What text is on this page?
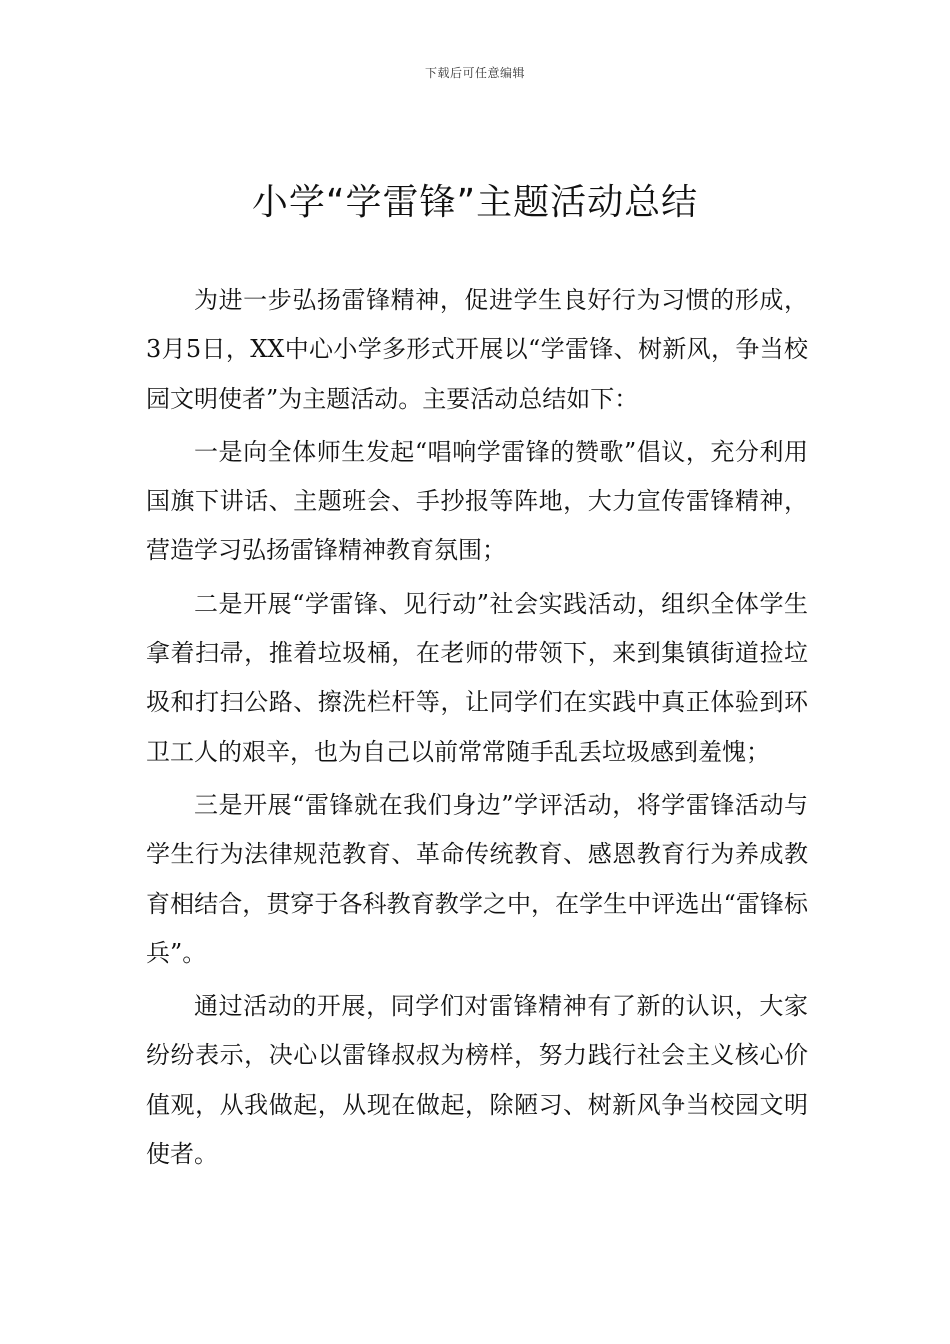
下载后可任意编辑
小学“学雷锋”主题活动总结

为进一步弘扬雷锋精神，促进学生良好行为习惯的形成，3月5日，XX中心小学多形式开展以“学雷锋、树新风，争当校园文明使者”为主题活动。主要活动总结如下：

一是向全体师生发起“唱响学雷锋的赞歌”倡议，充分利用国旗下讲话、主题班会、手抄报等阵地，大力宣传雷锋精神，营造学习弘扬雷锋精神教育氛围；

二是开展“学雷锋、见行动”社会实践活动，组织全体学生拿着扫帚，推着垃圾桶，在老师的带领下，来到集镇街道捡垃圾和打扫公路、擦洗栏杆等，让同学们在实践中真正体验到环卫工人的艰辛，也为自己以前常常随手乱丢垃圾感到羞愧；

三是开展“雷锋就在我们身边”学评活动，将学雷锋活动与学生行为法律规范教育、革命传统教育、感恩教育行为养成教育相结合，贯穿于各科教育教学之中，在学生中评选出“雷锋标兵”。

通过活动的开展，同学们对雷锋精神有了新的认识，大家纷纷表示，决心以雷锋叔叔为榜样，努力践行社会主义核心价值观，从我做起，从现在做起，除陋习、树新风争当校园文明使者。
